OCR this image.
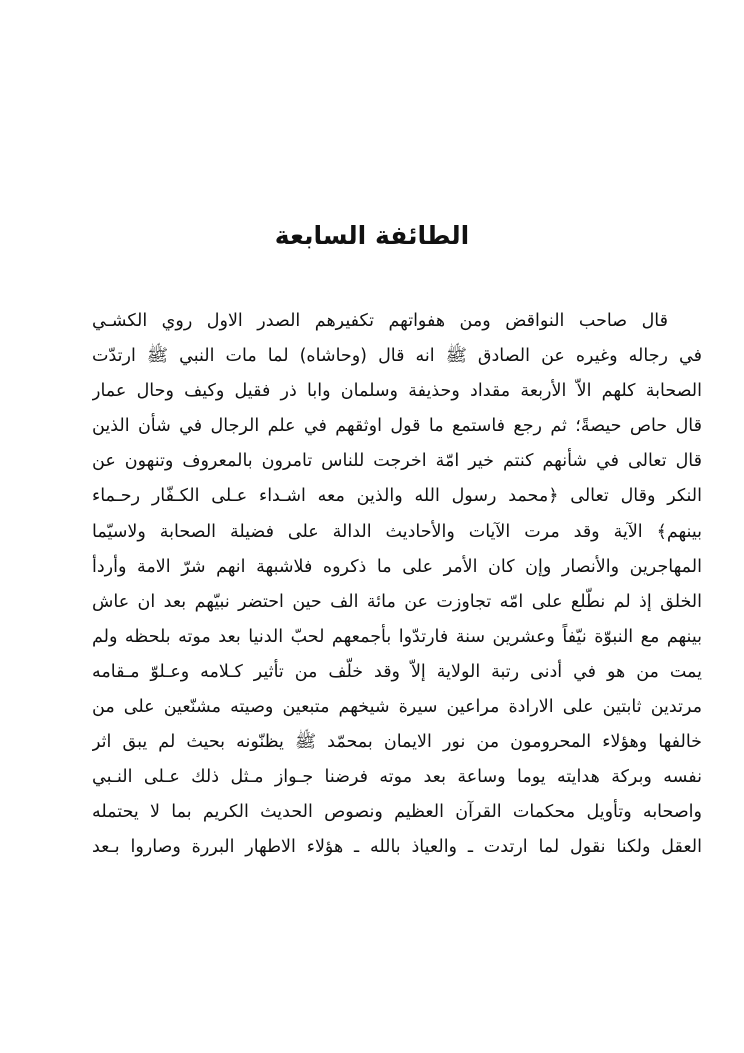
الطائفة السابعة
قال صاحب النواقض ومن هفواتهم تكفيرهم الصدر الاول روي الكشـي
في رجاله وغيره عن الصادق ﷺ انه قال (وحاشاه) لما مات النبي ﷺ ارتدّت
الصحابة كلهم الاّ الأربعة مقداد وحذيفة وسلمان وابا ذر فقيل وكيف وحال عمار
قال حاص حيصةً؛ ثم رجع فاستمع ما قول اوثقهم في علم الرجال في شأن الذين
قال تعالى في شأنهم كنتم خير امّة اخرجت للناس تامرون بالمعروف وتنهون عن
النكر وقال تعالى ﴿محمد رسول الله والذين معه اشـداء عـلى الكـفّار رحـماء
بينهم﴾ الآية وقد مرت الآيات والأحاديث الدالة على فضيلة الصحابة ولاسيّما
المهاجرين والأنصار وإن كان الأمر على ما ذكروه فلاشبهة انهم شرّ الامة وأردأ
الخلق إذ لم نطّلع على امّه تجاوزت عن مائة الف حين احتضر نبيّهم بعد ان عاش
بينهم مع النبوّة نيّفاً وعشرين سنة فارتدّوا بأجمعهم لحبّ الدنيا بعد موته بلحظه ولم
يمت من هو في أدنى رتبة الولاية إلاّ وقد خلّف من تأثير كـلامه وعـلوّ مـقامه
مرتدين ثابتين على الارادة مراعين سيرة شيخهم متبعين وصيته مشنّعين على من
خالفها وهؤلاء المحرومون من نور الايمان بمحمّد ﷺ يظنّونه بحيث لم يبق اثر
نفسه وبركة هدايته يوما وساعة بعد موته فرضنا جـواز مـثل ذلك عـلى النـبي
واصحابه وتأويل محكمات القرآن العظيم ونصوص الحديث الكريم بما لا يحتمله
العقل ولكنا نقول لما ارتدت ـ والعياذ بالله ـ هؤلاء الاطهار البررة وصاروا بـعد
